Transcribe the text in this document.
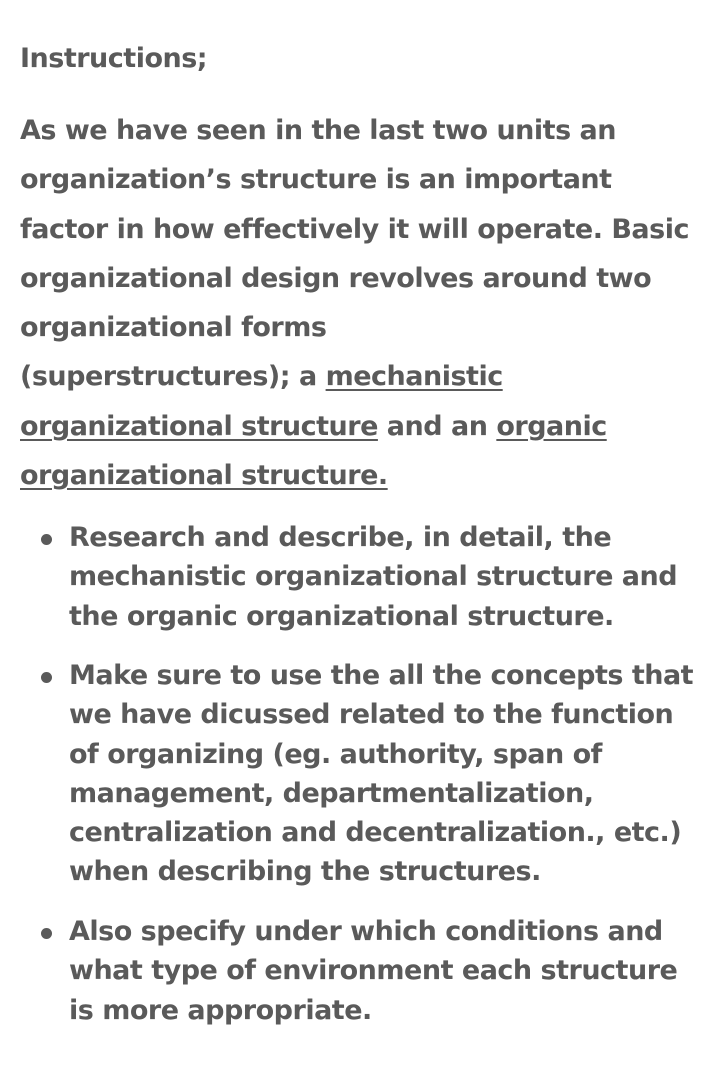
Instructions;

As we have seen in the last two units an
organization’s structure is an important
factor in how effectively it will operate. Basic
organizational design revolves around two
organizational forms
(superstructures); a mechanistic
organizational structure and an organic
organizational structure.

Research and describe, in detail, the
mechanistic organizational structure and
the organic organizational structure.
Make sure to use the all the concepts that
we have dicussed related to the function
of organizing (eg. authority, span of
management, departmentalization,
centralization and decentralization., etc.)
when describing the structures.
Also specify under which conditions and
what type of environment each structure
is more appropriate.
